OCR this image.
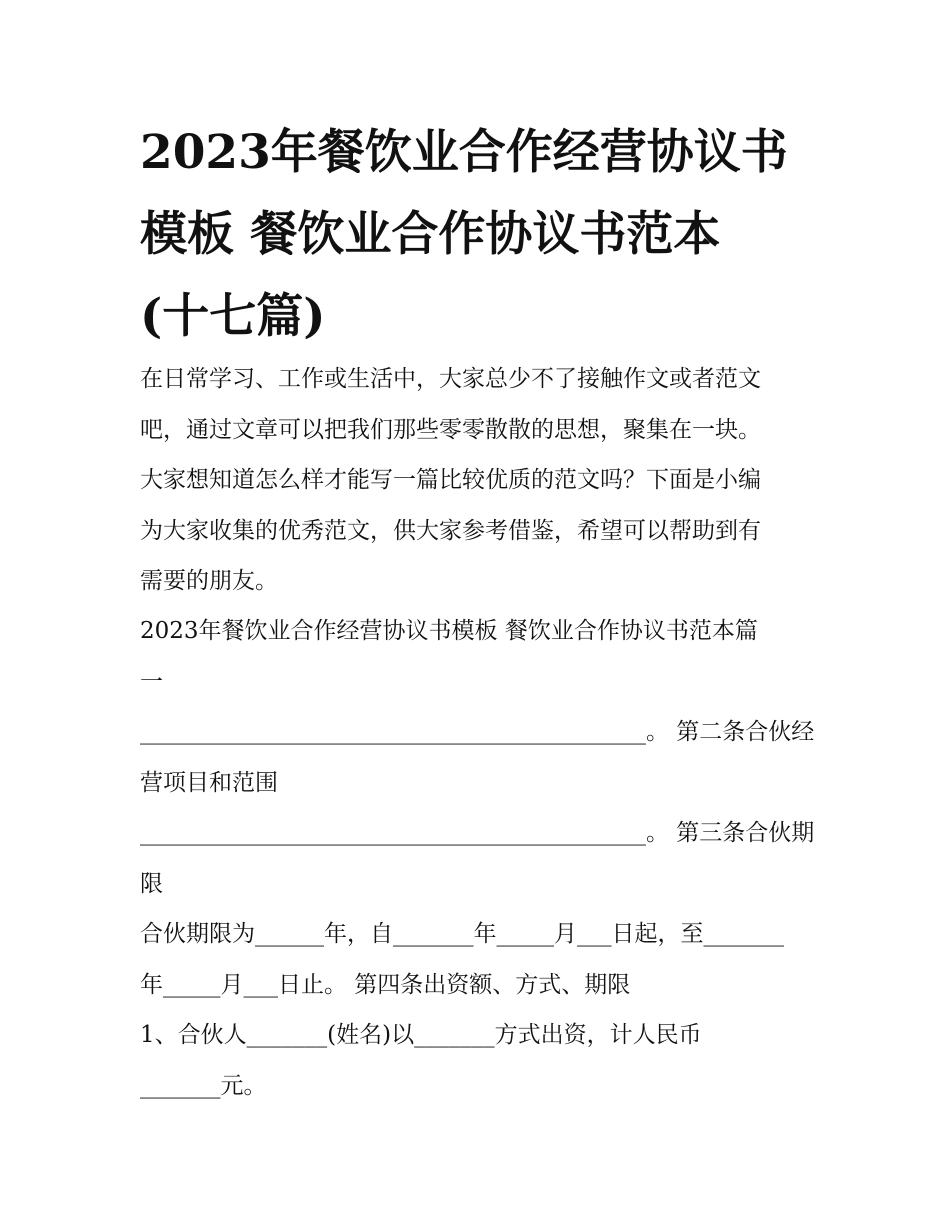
2023年餐饮业合作经营协议书
模板 餐饮业合作协议书范本
(十七篇)
在日常学习、工作或生活中，大家总少不了接触作文或者范文
吧，通过文章可以把我们那些零零散散的思想，聚集在一块。
大家想知道怎么样才能写一篇比较优质的范文吗？下面是小编
为大家收集的优秀范文，供大家参考借鉴，希望可以帮助到有
需要的朋友。
2023年餐饮业合作经营协议书模板 餐饮业合作协议书范本篇
一
____________________________________________。 第二条合伙经
营项目和范围
____________________________________________。 第三条合伙期
限
合伙期限为______年，自_______年_____月___日起，至_______
年_____月___日止。 第四条出资额、方式、期限
1、合伙人_______(姓名)以_______方式出资，计人民币
_______元。
